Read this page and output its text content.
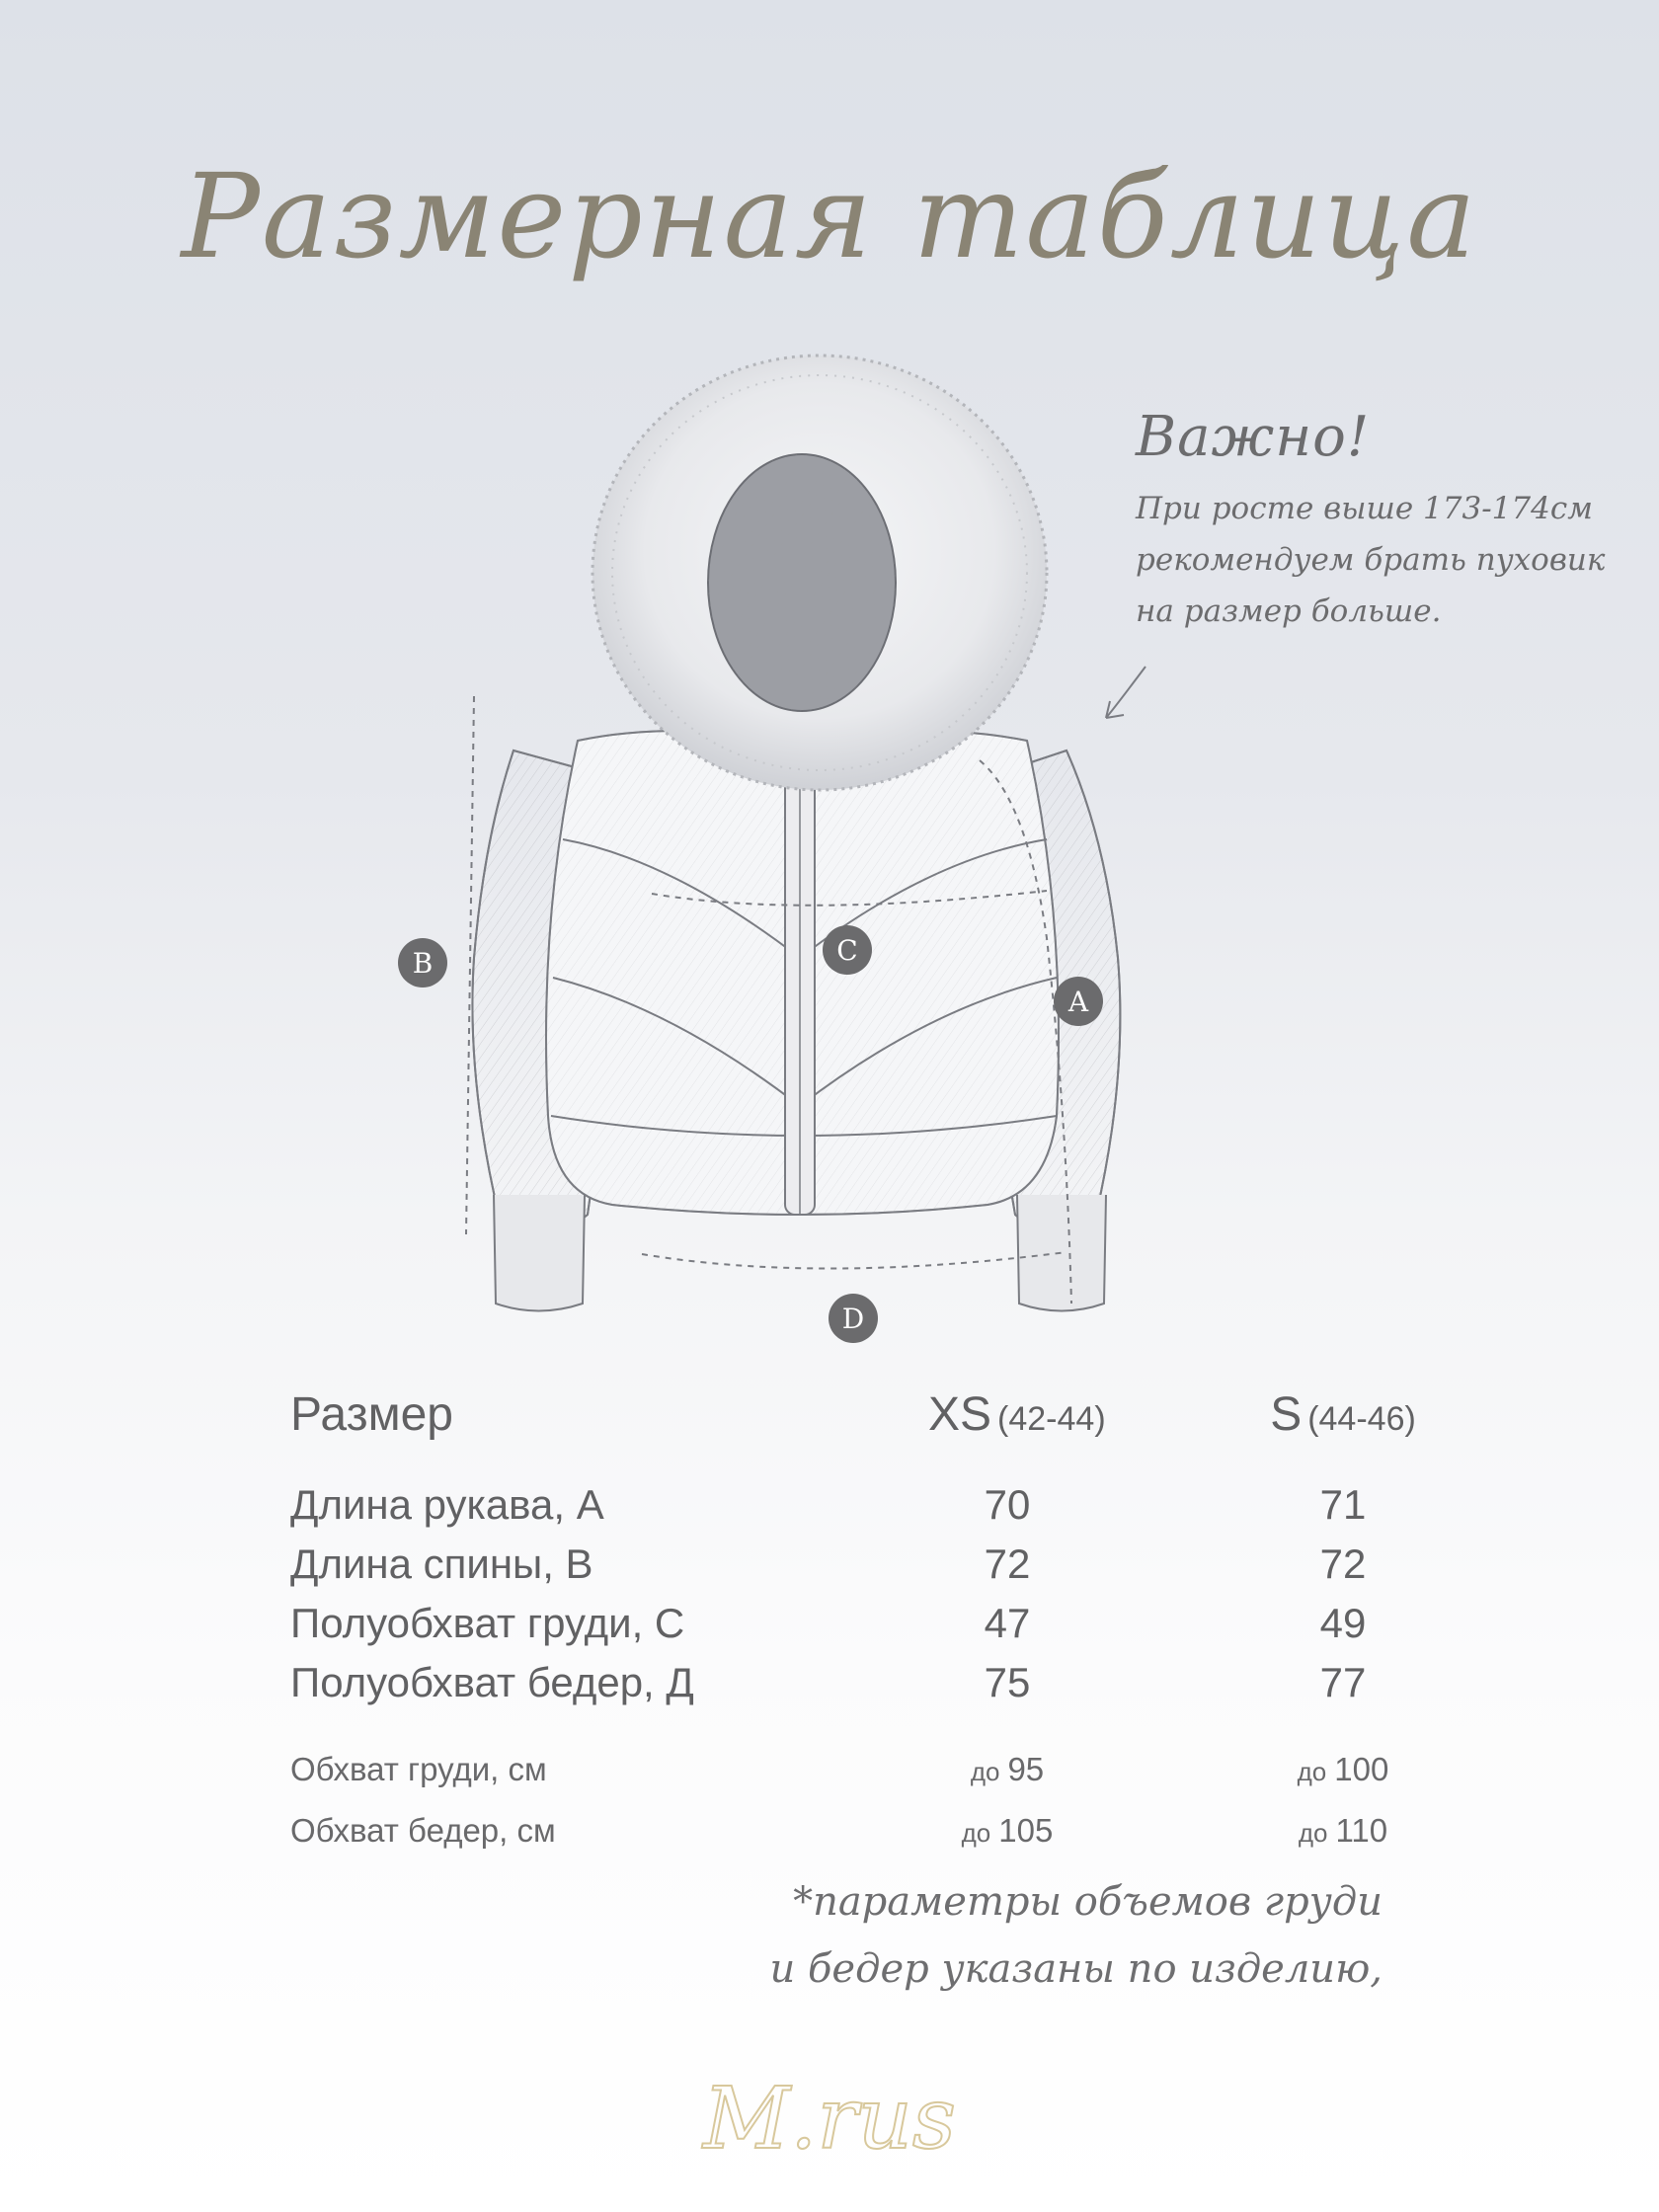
Размерная таблица
B	C
A
D
Важно!
При росте выше 173-174см
рекомендуем брать пуховик
на размер больше.
Размер	XS (42-44)	S (44-46)
Длина рукава, А	70	71
Длина спины, В	72	72
Полуобхват груди, С	47	49
Полуобхват бедер, Д	75	77
Обхват груди, см	до 95	до 100
Обхват бедер, см	до 105	до 110
*параметры объемов груди
и бедер указаны по изделию,
M.rus
